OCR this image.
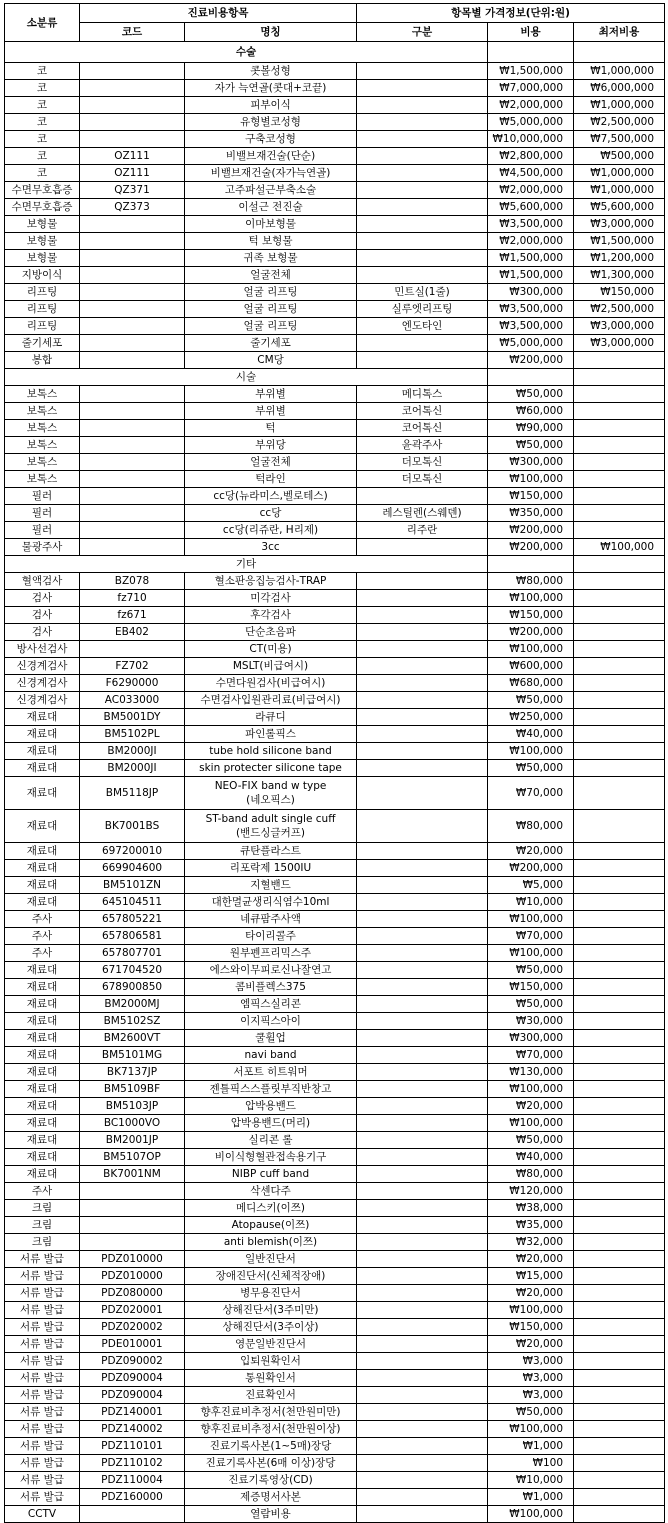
소분류	진료비용항목		항목별 가격정보(단위:원)		
	코드	명칭	구분	비용	최저비용
수술					
코		콧볼성형		₩1,500,000	₩1,000,000
코		자가 늑연골(콧대+코끝)		₩7,000,000	₩6,000,000
코		피부이식		₩2,000,000	₩1,000,000
코		유형별코성형		₩5,000,000	₩2,500,000
코		구축코성형		₩10,000,000	₩7,500,000
코	OZ111	비밸브재건술(단순)		₩2,800,000	₩500,000
코	OZ111	비밸브재건술(자가늑연골)		₩4,500,000	₩1,000,000
수면무호흡증	QZ371	고주파설근부축소술		₩2,000,000	₩1,000,000
수면무호흡증	QZ373	이설근 전진술		₩5,600,000	₩5,600,000
보형물		이마보형물		₩3,500,000	₩3,000,000
보형물		턱 보형물		₩2,000,000	₩1,500,000
보형물		귀족 보형물		₩1,500,000	₩1,200,000
지방이식		얼굴전체		₩1,500,000	₩1,300,000
리프팅		얼굴 리프팅	민트실(1줄)	₩300,000	₩150,000
리프팅		얼굴 리프팅	실루엣리프팅	₩3,500,000	₩2,500,000
리프팅		얼굴 리프팅	엔도타인	₩3,500,000	₩3,000,000
줄기세포		줄기세포		₩5,000,000	₩3,000,000
봉합		CM당		₩200,000	
시술					
보톡스		부위별	메디톡스	₩50,000	
보톡스		부위별	코어톡신	₩60,000	
보톡스		턱	코어톡신	₩90,000	
보톡스		부위당	윤곽주사	₩50,000	
보톡스		얼굴전체	더모톡신	₩300,000	
보톡스		턱라인	더모톡신	₩100,000	
필러		cc당(뉴라미스,벨로테스)		₩150,000	
필러		cc당	레스틸렌(스웨덴)	₩350,000	
필러		cc당(리쥬란, H리제)	리주란	₩200,000	
물광주사		3cc		₩200,000	₩100,000
기타					
혈액검사	BZ078	혈소판응집능검사-TRAP		₩80,000	
검사	fz710	미각검사		₩100,000	
검사	fz671	후각검사		₩150,000	
검사	EB402	단순초음파		₩200,000	
방사선검사		CT(미용)		₩100,000	
신경계검사	FZ702	MSLT(비급여시)		₩600,000	
신경계검사	F6290000	수면다원검사(비급여시)		₩680,000	
신경계검사	AC033000	수면검사입원관리료(비급여시)		₩50,000	
재료대	BM5001DY	라큐디		₩250,000	
재료대	BM5102PL	파인롤픽스		₩40,000	
재료대	BM2000JI	tube hold silicone band		₩100,000	
재료대	BM2000JI	skin protecter silicone tape		₩50,000	
재료대	BM5118JP	NEO-FIX band w type
(네오픽스)		₩70,000	
재료대	BK7001BS	ST-band adult single cuff
(밴드싱글커프)		₩80,000	
재료대	697200010	큐탄플라스트		₩20,000	
재료대	669904600	리포락제 1500IU		₩200,000	
재료대	BM5101ZN	지혈밴드		₩5,000	
재료대	645104511	대한멸균생리식염수10ml		₩10,000	
주사	657805221	네큐팜주사액		₩100,000	
주사	657806581	타이리콜주		₩70,000	
주사	657807701	원부펜프리믹스주		₩100,000	
재료대	671704520	에스와이무피로신나잘연고		₩50,000	
재료대	678900850	콤비플렉스375		₩150,000	
재료대	BM2000MJ	엠픽스실리콘		₩50,000	
재료대	BM5102SZ	이지픽스아이		₩30,000	
재료대	BM2600VT	쿨휠업		₩300,000	
재료대	BM5101MG	navi band		₩70,000	
재료대	BK7137JP	서포트 히트워머		₩130,000	
재료대	BM5109BF	젠틀픽스스플릿부직반창고		₩100,000	
재료대	BM5103JP	압박용밴드		₩20,000	
재료대	BC1000VO	압박용밴드(머리)		₩100,000	
재료대	BM2001JP	실리콘 롤		₩50,000	
재료대	BM5107OP	비이식형혈관접속용기구		₩40,000	
재료대	BK7001NM	NIBP cuff band		₩80,000	
주사		삭센다주		₩120,000	
크림		메디스키(이쯔)		₩38,000	
크림		Atopause(이쯔)		₩35,000	
크림		anti blemish(이쯔)		₩32,000	
서류 발급	PDZ010000	일반진단서		₩20,000	
서류 발급	PDZ010000	장애진단서(신체적장애)		₩15,000	
서류 발급	PDZ080000	병무용진단서		₩20,000	
서류 발급	PDZ020001	상해진단서(3주미만)		₩100,000	
서류 발급	PDZ020002	상해진단서(3주이상)		₩150,000	
서류 발급	PDE010001	영문일반진단서		₩20,000	
서류 발급	PDZ090002	입퇴원확인서		₩3,000	
서류 발급	PDZ090004	통원확인서		₩3,000	
서류 발급	PDZ090004	진료확인서		₩3,000	
서류 발급	PDZ140001	향후진료비추정서(천만원미만)		₩50,000	
서류 발급	PDZ140002	향후진료비추정서(천만원이상)		₩100,000	
서류 발급	PDZ110101	진료기록사본(1~5매)장당		₩1,000	
서류 발급	PDZ110102	진료기록사본(6매 이상)장당		₩100	
서류 발급	PDZ110004	진료기록영상(CD)		₩10,000	
서류 발급	PDZ160000	제증명서사본		₩1,000	
CCTV		열람비용		₩100,000	
